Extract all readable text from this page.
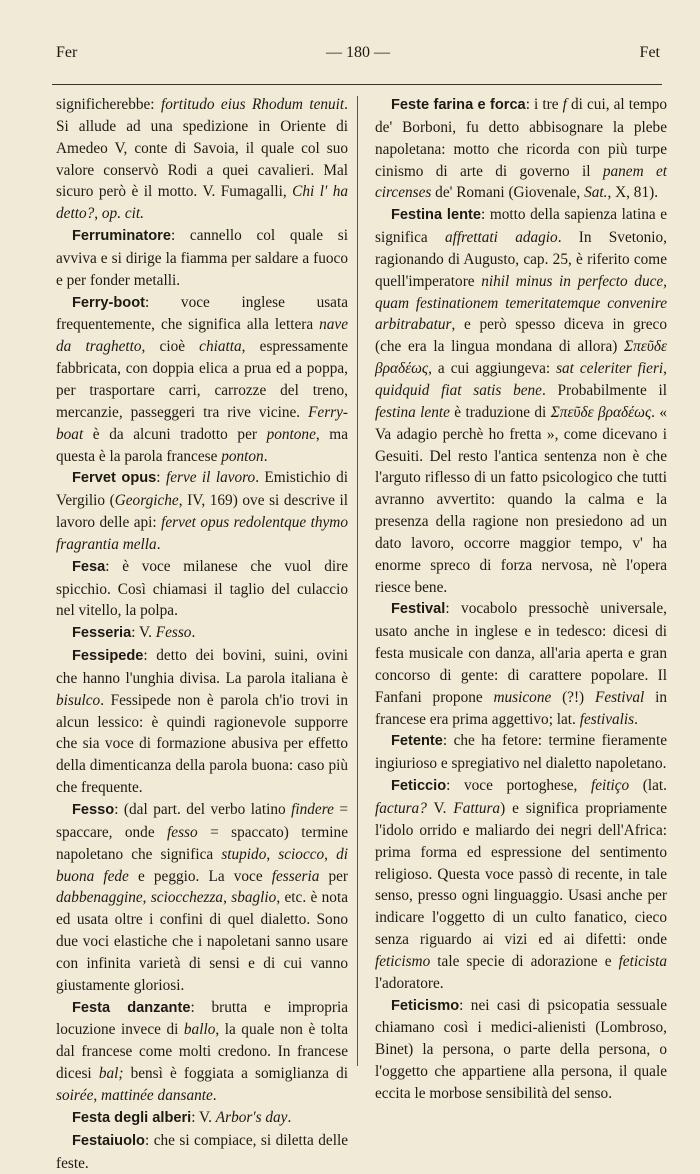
Fer	— 180 —	Fet

significherebbe: fortitudo eius Rhodum tenuit. Si allude ad una spedizione in Oriente di Amedeo V, conte di Savoia, il quale col suo valore conservò Rodi a quei cavalieri. Mal sicuro però è il motto. V. Fumagalli, Chi l' ha detto?, op. cit.

Ferruminatore: cannello col quale si avviva e si dirige la fiamma per saldare a fuoco e per fonder metalli.

Ferry-boot: voce inglese usata frequentemente, che significa alla lettera nave da traghetto, cioè chiatta, espressamente fabbricata, con doppia elica a prua ed a poppa, per trasportare carri, carrozze del treno, mercanzie, passeggeri tra rive vicine. Ferry-boat è da alcuni tradotto per pontone, ma questa è la parola francese ponton.

Fervet opus: ferve il lavoro. Emistichio di Vergilio (Georgiche, IV, 169) ove si descrive il lavoro delle api: fervet opus redolentque thymo fragrantia mella.

Fesa: è voce milanese che vuol dire spicchio. Così chiamasi il taglio del culaccio nel vitello, la polpa.

Fesseria: V. Fesso.

Fessipede: detto dei bovini, suini, ovini che hanno l'unghia divisa. La parola italiana è bisulco. Fessipede non è parola ch'io trovi in alcun lessico: è quindi ragionevole supporre che sia voce di formazione abusiva per effetto della dimenticanza della parola buona: caso più che frequente.

Fesso: (dal part. del verbo latino findere = spaccare, onde fesso = spaccato) termine napoletano che significa stupido, sciocco, di buona fede e peggio. La voce fesseria per dabbenaggine, sciocchezza, sbaglio, etc. è nota ed usata oltre i confini di quel dialetto. Sono due voci elastiche che i napoletani sanno usare con infinita varietà di sensi e di cui vanno giustamente gloriosi.

Festa danzante: brutta e impropria locuzione invece di ballo, la quale non è tolta dal francese come molti credono. In francese dicesi bal; bensì è foggiata a somiglianza di soirée, mattinée dansante.

Festa degli alberi: V. Arbor's day.

Festaiuolo: che si compiace, si diletta delle feste.

Feste farina e forca: i tre f di cui, al tempo de' Borboni, fu detto abbisognare la plebe napoletana: motto che ricorda con più turpe cinismo di arte di governo il panem et circenses de' Romani (Giovenale, Sat., X, 81).

Festina lente: motto della sapienza latina e significa affrettati adagio. In Svetonio, ragionando di Augusto, cap. 25, è riferito come quell'imperatore nihil minus in perfecto duce, quam festinationem temeritatemque convenire arbitrabatur, e però spesso diceva in greco (che era la lingua mondana di allora) Σπεῦδε βραδέως, a cui aggiungeva: sat celeriter fieri, quidquid fiat satis bene. Probabilmente il festina lente è traduzione di Σπεῦδε βραδέως. « Va adagio perchè ho fretta », come dicevano i Gesuiti. Del resto l'antica sentenza non è che l'arguto riflesso di un fatto psicologico che tutti avranno avvertito: quando la calma e la presenza della ragione non presiedono ad un dato lavoro, occorre maggior tempo, v' ha enorme spreco di forza nervosa, nè l'opera riesce bene.

Festival: vocabolo pressochè universale, usato anche in inglese e in tedesco: dicesi di festa musicale con danza, all'aria aperta e gran concorso di gente: di carattere popolare. Il Fanfani propone musicone (?!) Festival in francese era prima aggettivo; lat. festivalis.

Fetente: che ha fetore: termine fieramente ingiurioso e spregiativo nel dialetto napoletano.

Feticcio: voce portoghese, feitiço (lat. factura? V. Fattura) e significa propriamente l'idolo orrido e maliardo dei negri dell'Africa: prima forma ed espressione del sentimento religioso. Questa voce passò di recente, in tale senso, presso ogni linguaggio. Usasi anche per indicare l'oggetto di un culto fanatico, cieco senza riguardo ai vizi ed ai difetti: onde feticismo tale specie di adorazione e feticista l'adoratore.

Feticismo: nei casi di psicopatia sessuale chiamano così i medici-alienisti (Lombroso, Binet) la persona, o parte della persona, o l'oggetto che appartiene alla persona, il quale eccita le morbose sensibilità del senso.
